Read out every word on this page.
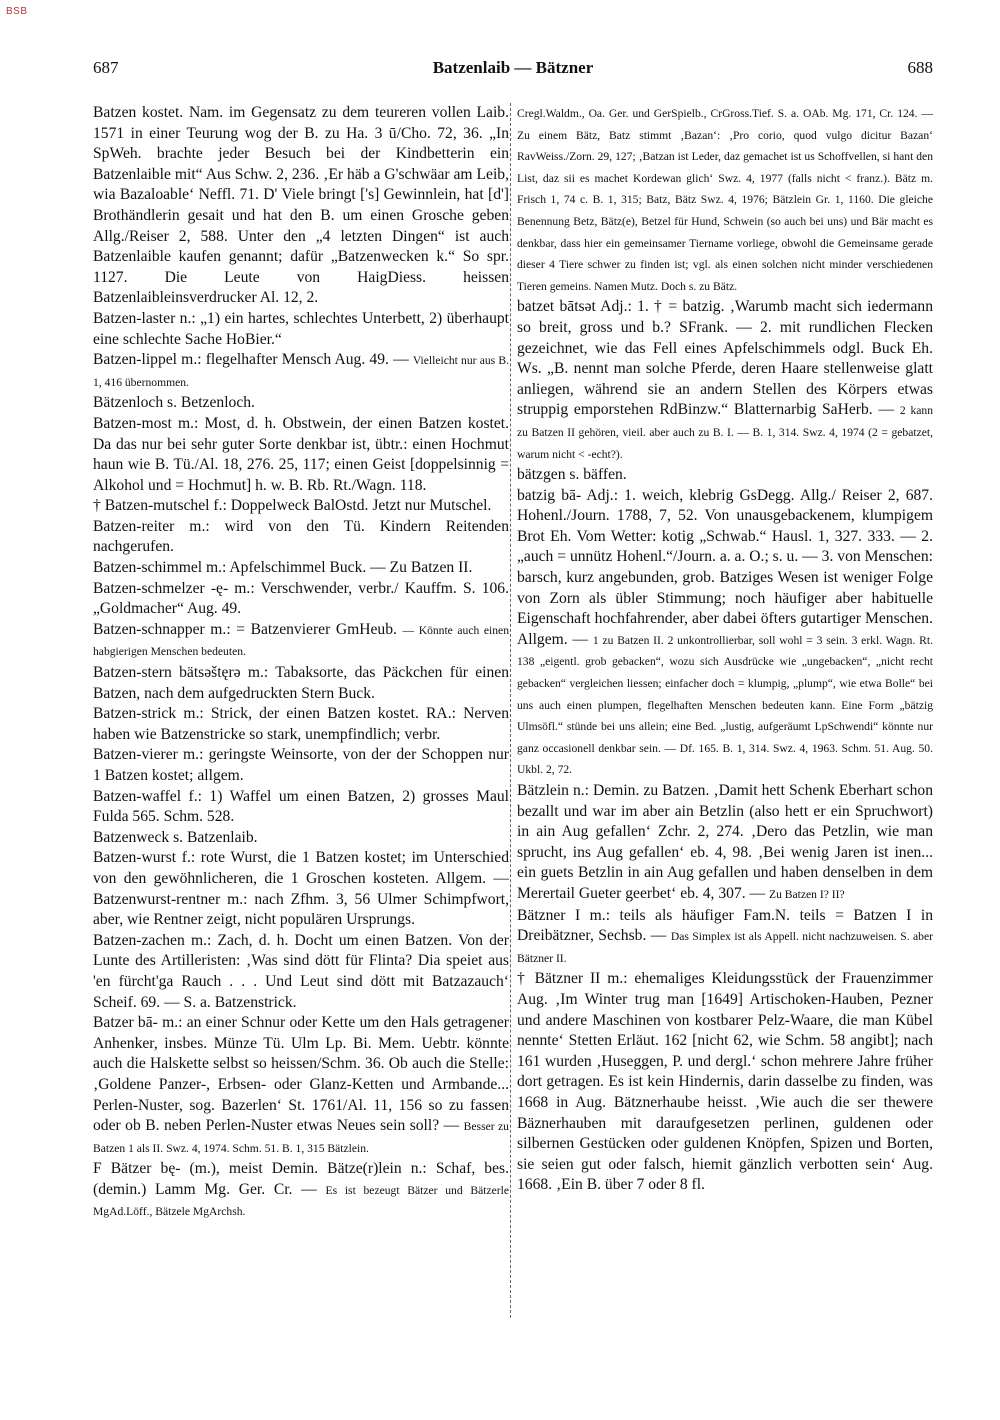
BSB
687	Batzenlaib — Bätzner	688

Batzen kostet. Nam. im Gegensatz zu dem teureren vollen Laib. 1571 in einer Teurung wog der B. zu Ha. 3 ū/Cho. 72, 36. „In SpWeh. brachte jeder Besuch bei der Kindbetterin ein Batzenlaible mit“ Aus Schw. 2, 236. ‚Er häb a G'schwäar am Leib, wia Bazaloable‘ Neffl. 71. D' Viele bringt ['s] Gewinnlein, hat [d'] Brothändlerin gesait und hat den B. um einen Grosche geben Allg./Reiser 2, 588. Unter den „4 letzten Dingen“ ist auch Batzenlaible kaufen genannt; dafür „Batzenwecken k.“ So spr. 1127. Die Leute von HaigDiess. heissen Batzenlaibleinsverdrucker Al. 12, 2.

Batzen-laster n.: „1) ein hartes, schlechtes Unterbett, 2) überhaupt eine schlechte Sache HoBier.“

Batzen-lippel m.: flegelhafter Mensch Aug. 49. — Vielleicht nur aus B. 1, 416 übernommen.

Bätzenloch s. Betzenloch.

Batzen-most m.: Most, d. h. Obstwein, der einen Batzen kostet. Da das nur bei sehr guter Sorte denkbar ist, übtr.: einen Hochmut haun wie B. Tü./Al. 18, 276. 25, 117; einen Geist [doppelsinnig = Alkohol und = Hochmut] h. w. B. Rb. Rt./Wagn. 118.

† Batzen-mutschel f.: Doppelweck BalOstd. Jetzt nur Mutschel.

Batzen-reiter m.: wird von den Tü. Kindern Reitenden nachgerufen.

Batzen-schimmel m.: Apfelschimmel Buck. — Zu Batzen II.

Batzen-schmelzer -ę- m.: Verschwender, verbr./ Kauffm. S. 106. „Goldmacher“ Aug. 49.

Batzen-schnapper m.: = Batzenvierer GmHeub. — Könnte auch einen habgierigen Menschen bedeuten.

Batzen-stern bätsəštęrə m.: Tabaksorte, das Päckchen für einen Batzen, nach dem aufgedruckten Stern Buck.

Batzen-strick m.: Strick, der einen Batzen kostet. RA.: Nerven haben wie Batzenstricke so stark, unempfindlich; verbr.

Batzen-vierer m.: geringste Weinsorte, von der der Schoppen nur 1 Batzen kostet; allgem.

Batzen-waffel f.: 1) Waffel um einen Batzen, 2) grosses Maul Fulda 565. Schm. 528.

Batzenweck s. Batzenlaib.

Batzen-wurst f.: rote Wurst, die 1 Batzen kostet; im Unterschied von den gewöhnlicheren, die 1 Groschen kosteten. Allgem. — Batzenwurst-rentner m.: nach Zfhm. 3, 56 Ulmer Schimpfwort, aber, wie Rentner zeigt, nicht populären Ursprungs.

Batzen-zachen m.: Zach, d. h. Docht um einen Batzen. Von der Lunte des Artilleristen: ‚Was sind dött für Flinta? Dia speiet aus 'en fürcht'ga Rauch . . . Und Leut sind dött mit Batzazauch‘ Scheif. 69. — S. a. Batzenstrick.

Batzer bā- m.: an einer Schnur oder Kette um den Hals getragener Anhenker, insbes. Münze Tü. Ulm Lp. Bi. Mem. Uebtr. könnte auch die Halskette selbst so heissen/Schm. 36. Ob auch die Stelle: ‚Goldene Panzer-, Erbsen- oder Glanz-Ketten und Armbande... Perlen-Nuster, sog. Bazerlen‘ St. 1761/Al. 11, 156 so zu fassen oder ob B. neben Perlen-Nuster etwas Neues sein soll? — Besser zu Batzen 1 als II. Swz. 4, 1974. Schm. 51. B. 1, 315 Bätzlein.

F Bätzer bę- (m.), meist Demin. Bätze(r)lein n.: Schaf, bes. (demin.) Lamm Mg. Ger. Cr. — Es ist bezeugt Bätzer und Bätzerle MgAd.Löff., Bätzele MgArchsh.

Cregl.Waldm., Oa. Ger. und GerSpielb., CrGross.Tief. S. a. OAb. Mg. 171, Cr. 124. — Zu einem Bätz, Batz stimmt ‚Bazan‘: ‚Pro corio, quod vulgo dicitur Bazan‘ RavWeiss./Zorn. 29, 127; ‚Batzan ist Leder, daz gemachet ist us Schoffvellen, si hant den List, daz sii es machet Kordewan glich‘ Swz. 4, 1977 (falls nicht < franz.). Bätz m. Frisch 1, 74 c. B. 1, 315; Batz, Bätz Swz. 4, 1976; Bätzlein Gr. 1, 1160. Die gleiche Benennung Betz, Bätz(e), Betzel für Hund, Schwein (so auch bei uns) und Bär macht es denkbar, dass hier ein gemeinsamer Tiername vorliege, obwohl die Gemeinsame gerade dieser 4 Tiere schwer zu finden ist; vgl. als einen solchen nicht minder verschiedenen Tieren gemeins. Namen Mutz. Doch s. zu Bätz.

batzet bātsət Adj.: 1. † = batzig. ‚Warumb macht sich iedermann so breit, gross und b.? SFrank. — 2. mit rundlichen Flecken gezeichnet, wie das Fell eines Apfelschimmels odgl. Buck Eh. Ws. „B. nennt man solche Pferde, deren Haare stellenweise glatt anliegen, während sie an andern Stellen des Körpers etwas struppig emporstehen RdBinzw.“ Blatternarbig SaHerb. — 2 kann zu Batzen II gehören, vieil. aber auch zu B. I. — B. 1, 314. Swz. 4, 1974 (2 = gebatzet, warum nicht < -echt?).

bätzgen s. bäffen.

batzig bā- Adj.: 1. weich, klebrig GsDegg. Allg./ Reiser 2, 687. Hohenl./Journ. 1788, 7, 52. Von unausgebackenem, klumpigem Brot Eh. Vom Wetter: kotig „Schwab.“ Hausl. 1, 327. 333. — 2. „auch = unnütz Hohenl.“/Journ. a. a. O.; s. u. — 3. von Menschen: barsch, kurz angebunden, grob. Batziges Wesen ist weniger Folge von Zorn als übler Stimmung; noch häufiger aber habituelle Eigenschaft hochfahrender, aber dabei öfters gutartiger Menschen. Allgem. — 1 zu Batzen II. 2 unkontrollierbar, soll wohl = 3 sein. 3 erkl. Wagn. Rt. 138 „eigentl. grob gebacken“, wozu sich Ausdrücke wie „ungebacken“, „nicht recht gebacken“ vergleichen liessen; einfacher doch = klumpig, „plump“, wie etwa Bolle“ bei uns auch einen plumpen, flegelhaften Menschen bedeuten kann. Eine Form „bätzig Ulmsöfl.“ stünde bei uns allein; eine Bed. „lustig, aufgeräumt LpSchwendi“ könnte nur ganz occasionell denkbar sein. — Df. 165. B. 1, 314. Swz. 4, 1963. Schm. 51. Aug. 50. Ukbl. 2, 72.

Bätzlein n.: Demin. zu Batzen. ‚Damit hett Schenk Eberhart schon bezallt und war im aber ain Betzlin (also hett er ein Spruchwort) in ain Aug gefallen‘ Zchr. 2, 274. ‚Dero das Petzlin, wie man sprucht, ins Aug gefallen‘ eb. 4, 98. ‚Bei wenig Jaren ist inen... ein guets Betzlin in ain Aug gefallen und haben denselben in dem Merertail Gueter geerbet‘ eb. 4, 307. — Zu Batzen I? II?

Bätzner I m.: teils als häufiger Fam.N. teils = Batzen I in Dreibätzner, Sechsb. — Das Simplex ist als Appell. nicht nachzuweisen. S. aber Bätzner II.

† Bätzner II m.: ehemaliges Kleidungsstück der Frauenzimmer Aug. ‚Im Winter trug man [1649] Artischoken-Hauben, Pezner und andere Maschinen von kostbarer Pelz-Waare, die man Kübel nennte‘ Stetten Erläut. 162 [nicht 62, wie Schm. 58 angibt]; nach 161 wurden ‚Huseggen, P. und dergl.‘ schon mehrere Jahre früher dort getragen. Es ist kein Hindernis, darin dasselbe zu finden, was 1668 in Aug. Bätznerhaube heisst. ‚Wie auch die ser thewere Bäznerhauben mit daraufgesetzen perlinen, guldenen oder silbernen Gestücken oder guldenen Knöpfen, Spizen und Borten, sie seien gut oder falsch, hiemit gänzlich verbotten sein‘ Aug. 1668. ‚Ein B. über 7 oder 8 fl.
